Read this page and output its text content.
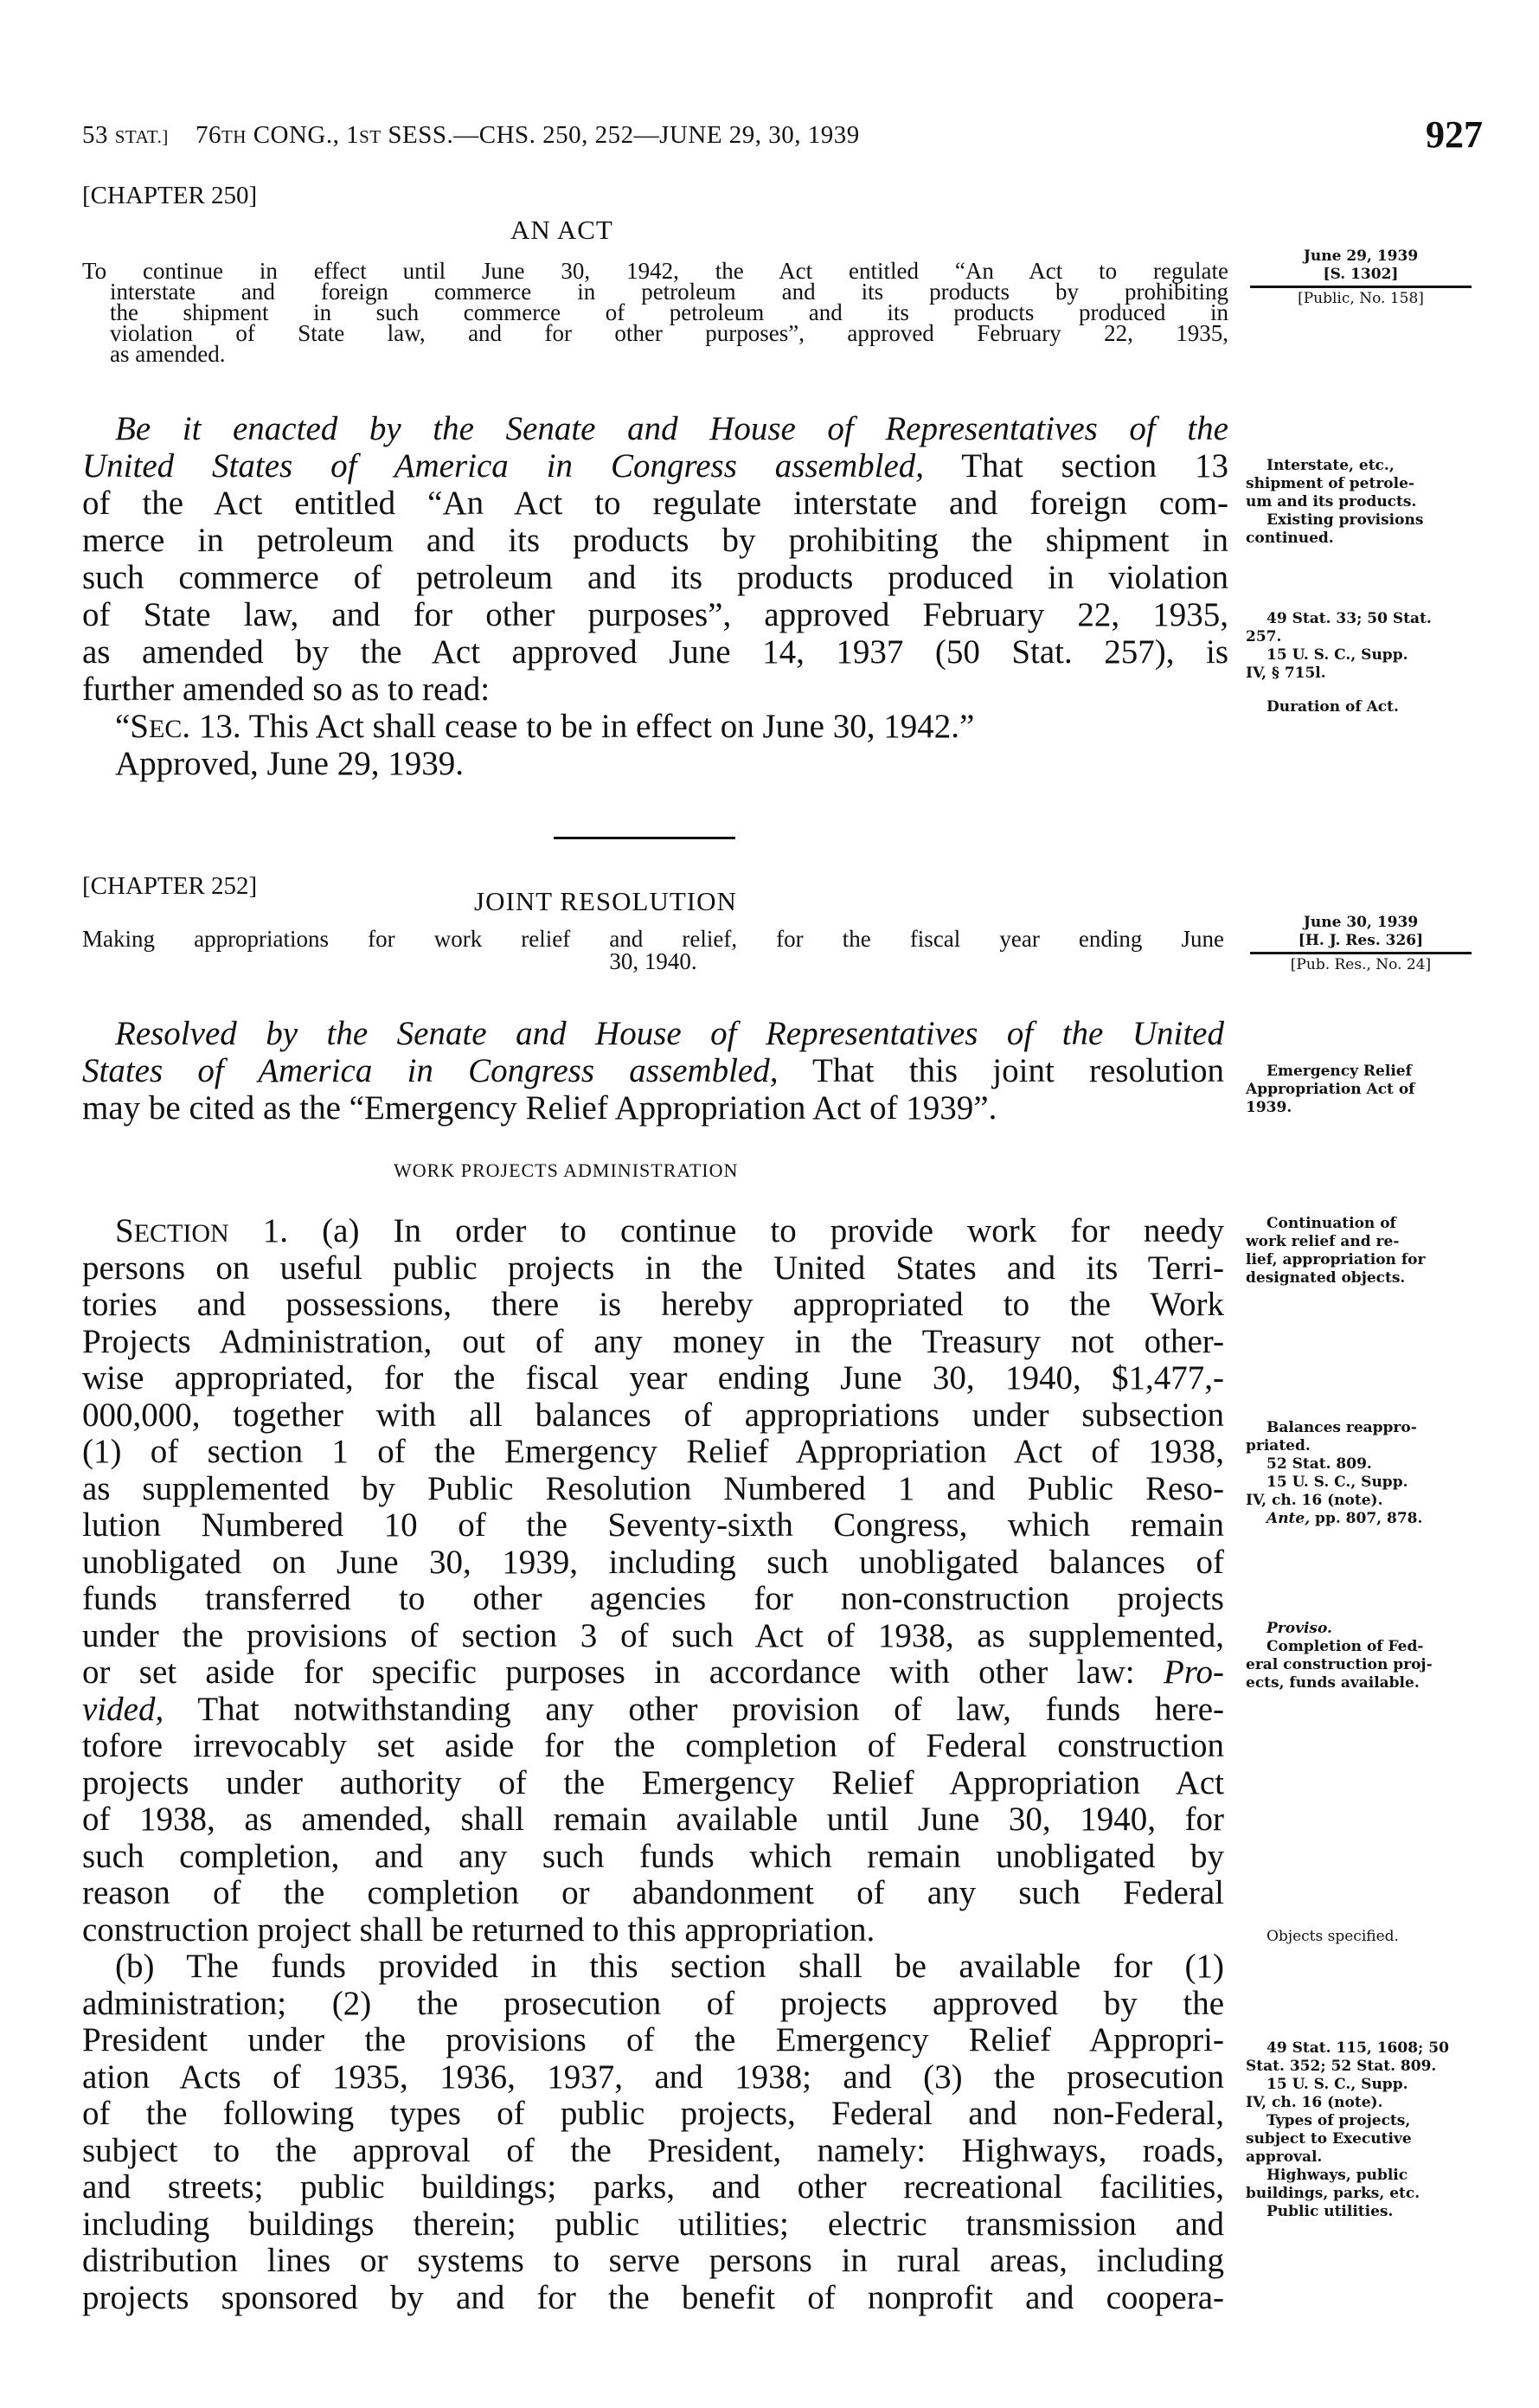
53 STAT.] 76TH CONG., 1ST SESS.—CHS. 250, 252—JUNE 29, 30, 1939	927
[CHAPTER 250]
AN ACT
To continue in effect until June 30, 1942, the Act entitled “An Act to regulate
interstate and foreign commerce in petroleum and its products by prohibiting
the shipment in such commerce of petroleum and its products produced in
violation of State law, and for other purposes”, approved February 22, 1935,
as amended.
June 29, 1939
[S. 1302]
[Public, No. 158]
Be it enacted by the Senate and House of Representatives of the
United States of America in Congress assembled, That section 13
of the Act entitled “An Act to regulate interstate and foreign com-
merce in petroleum and its products by prohibiting the shipment in
such commerce of petroleum and its products produced in violation
of State law, and for other purposes”, approved February 22, 1935,
as amended by the Act approved June 14, 1937 (50 Stat. 257), is
further amended so as to read:
“SEC. 13. This Act shall cease to be in effect on June 30, 1942.”
Approved, June 29, 1939.
Interstate, etc.,
shipment of petrole-
um and its products.
Existing provisions
continued.
49 Stat. 33; 50 Stat.
257.
15 U. S. C., Supp.
IV, § 715l.
Duration of Act.
[CHAPTER 252]	JOINT RESOLUTION
Making appropriations for work relief and relief, for the fiscal year ending June
30, 1940.
June 30, 1939
[H. J. Res. 326]
[Pub. Res., No. 24]
Resolved by the Senate and House of Representatives of the United
States of America in Congress assembled, That this joint resolution
may be cited as the “Emergency Relief Appropriation Act of 1939”.
Emergency Relief
Appropriation Act of
1939.
WORK PROJECTS ADMINISTRATION
SECTION 1. (a) In order to continue to provide work for needy
persons on useful public projects in the United States and its Terri-
tories and possessions, there is hereby appropriated to the Work
Projects Administration, out of any money in the Treasury not other-
wise appropriated, for the fiscal year ending June 30, 1940, $1,477,-
000,000, together with all balances of appropriations under subsection
(1) of section 1 of the Emergency Relief Appropriation Act of 1938,
as supplemented by Public Resolution Numbered 1 and Public Reso-
lution Numbered 10 of the Seventy-sixth Congress, which remain
unobligated on June 30, 1939, including such unobligated balances of
funds transferred to other agencies for non-construction projects
under the provisions of section 3 of such Act of 1938, as supplemented,
or set aside for specific purposes in accordance with other law: Pro-
vided, That notwithstanding any other provision of law, funds here-
tofore irrevocably set aside for the completion of Federal construction
projects under authority of the Emergency Relief Appropriation Act
of 1938, as amended, shall remain available until June 30, 1940, for
such completion, and any such funds which remain unobligated by
reason of the completion or abandonment of any such Federal
construction project shall be returned to this appropriation.
(b) The funds provided in this section shall be available for (1)
administration; (2) the prosecution of projects approved by the
President under the provisions of the Emergency Relief Appropri-
ation Acts of 1935, 1936, 1937, and 1938; and (3) the prosecution
of the following types of public projects, Federal and non-Federal,
subject to the approval of the President, namely: Highways, roads,
and streets; public buildings; parks, and other recreational facilities,
including buildings therein; public utilities; electric transmission and
distribution lines or systems to serve persons in rural areas, including
projects sponsored by and for the benefit of nonprofit and coopera-
Continuation of
work relief and re-
lief, appropriation for
designated objects.
Balances reappro-
priated.
52 Stat. 809.
15 U. S. C., Supp.
IV, ch. 16 (note).
Ante, pp. 807, 878.
Proviso.
Completion of Fed-
eral construction proj-
ects, funds available.
Objects specified.
49 Stat. 115, 1608; 50
Stat. 352; 52 Stat. 809.
15 U. S. C., Supp.
IV, ch. 16 (note).
Types of projects,
subject to Executive
approval.
Highways, public
buildings, parks, etc.
Public utilities.
